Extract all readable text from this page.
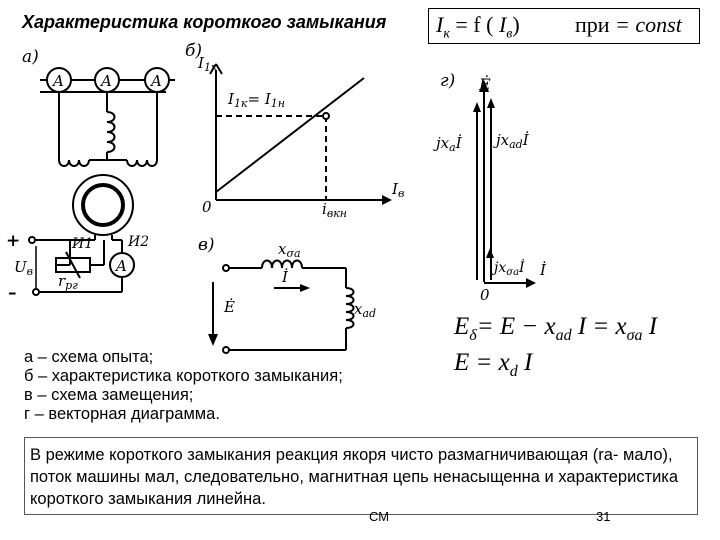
Характеристика короткого замыкания $I_к = f$ ( $I_в$)	при = const
а)
A A	A
A
+
–
И1 И2
$U_в$
$r_{рг}$
б)
$I_{1к}$
$I_в$
0
$I_{1к}= I_{1н}$
$i_{вкн}$
в)	$x_{\sigma а}$
İ
Ė	$x_{ad}$
г) Ė
$jx_аİ$ $jx_{ad}İ$
$jx_{\sigma а}İ$ İ
0
$E_\delta= E - x_{ad}$ $I = x_{\sigma a}$ I
$E = x_d$ I
а – схема опыта;
б – характеристика короткого замыкания;
в – схема замещения;
г – векторная диаграмма.
В режиме короткого замыкания реакция якоря чисто размагничивающая (rа- мало), поток машины мал, следовательно, магнитная цепь ненасыщенна и характеристика короткого замыкания линейна.
СМ	31
